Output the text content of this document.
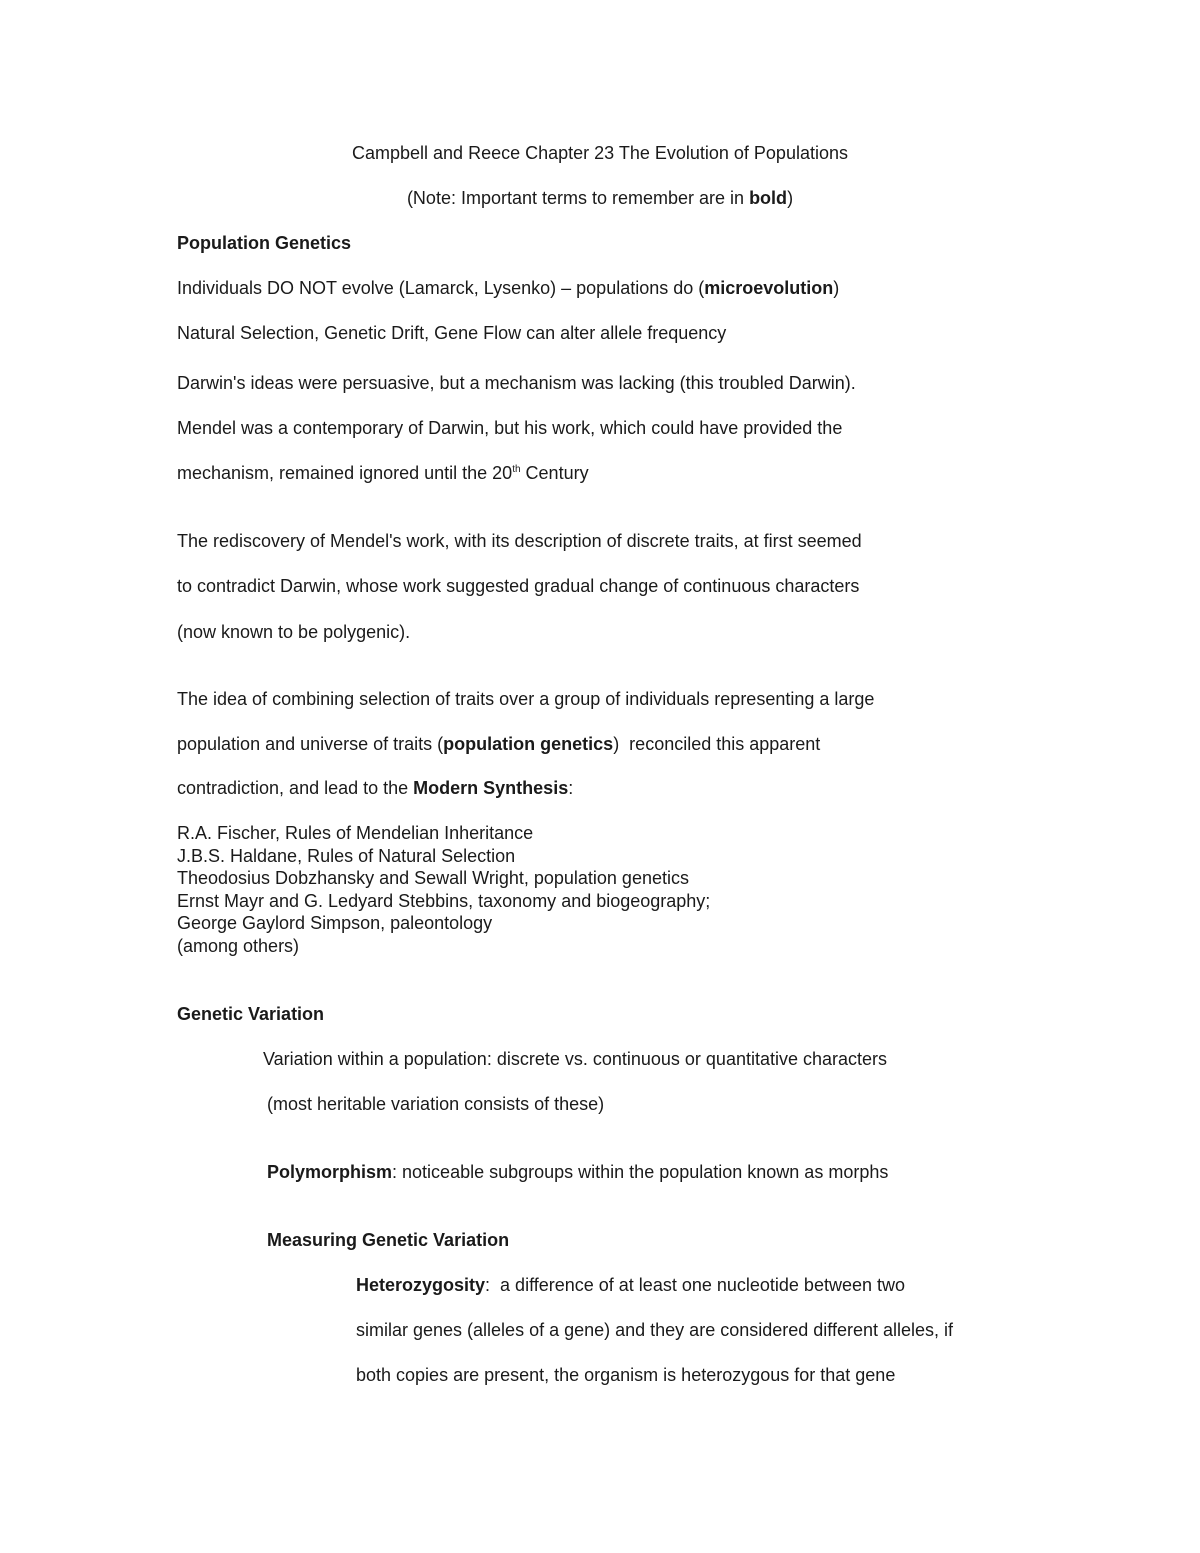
Campbell and Reece Chapter 23 The Evolution of Populations
(Note: Important terms to remember are in bold)
Population Genetics
Individuals DO NOT evolve (Lamarck, Lysenko) – populations do (microevolution)
Natural Selection, Genetic Drift, Gene Flow can alter allele frequency
Darwin's ideas were persuasive, but a mechanism was lacking (this troubled Darwin).
Mendel was a contemporary of Darwin, but his work, which could have provided the
mechanism, remained ignored until the 20th Century
The rediscovery of Mendel's work, with its description of discrete traits, at first seemed
to contradict Darwin, whose work suggested gradual change of continuous characters
(now known to be polygenic).
The idea of combining selection of traits over a group of individuals representing a large
population and universe of traits (population genetics)  reconciled this apparent
contradiction, and lead to the Modern Synthesis:
R.A. Fischer, Rules of Mendelian Inheritance
J.B.S. Haldane, Rules of Natural Selection
Theodosius Dobzhansky and Sewall Wright, population genetics
Ernst Mayr and G. Ledyard Stebbins, taxonomy and biogeography;
George Gaylord Simpson, paleontology
(among others)
Genetic Variation
Variation within a population: discrete vs. continuous or quantitative characters
(most heritable variation consists of these)
Polymorphism: noticeable subgroups within the population known as morphs
Measuring Genetic Variation
Heterozygosity:  a difference of at least one nucleotide between two
similar genes (alleles of a gene) and they are considered different alleles, if
both copies are present, the organism is heterozygous for that gene
